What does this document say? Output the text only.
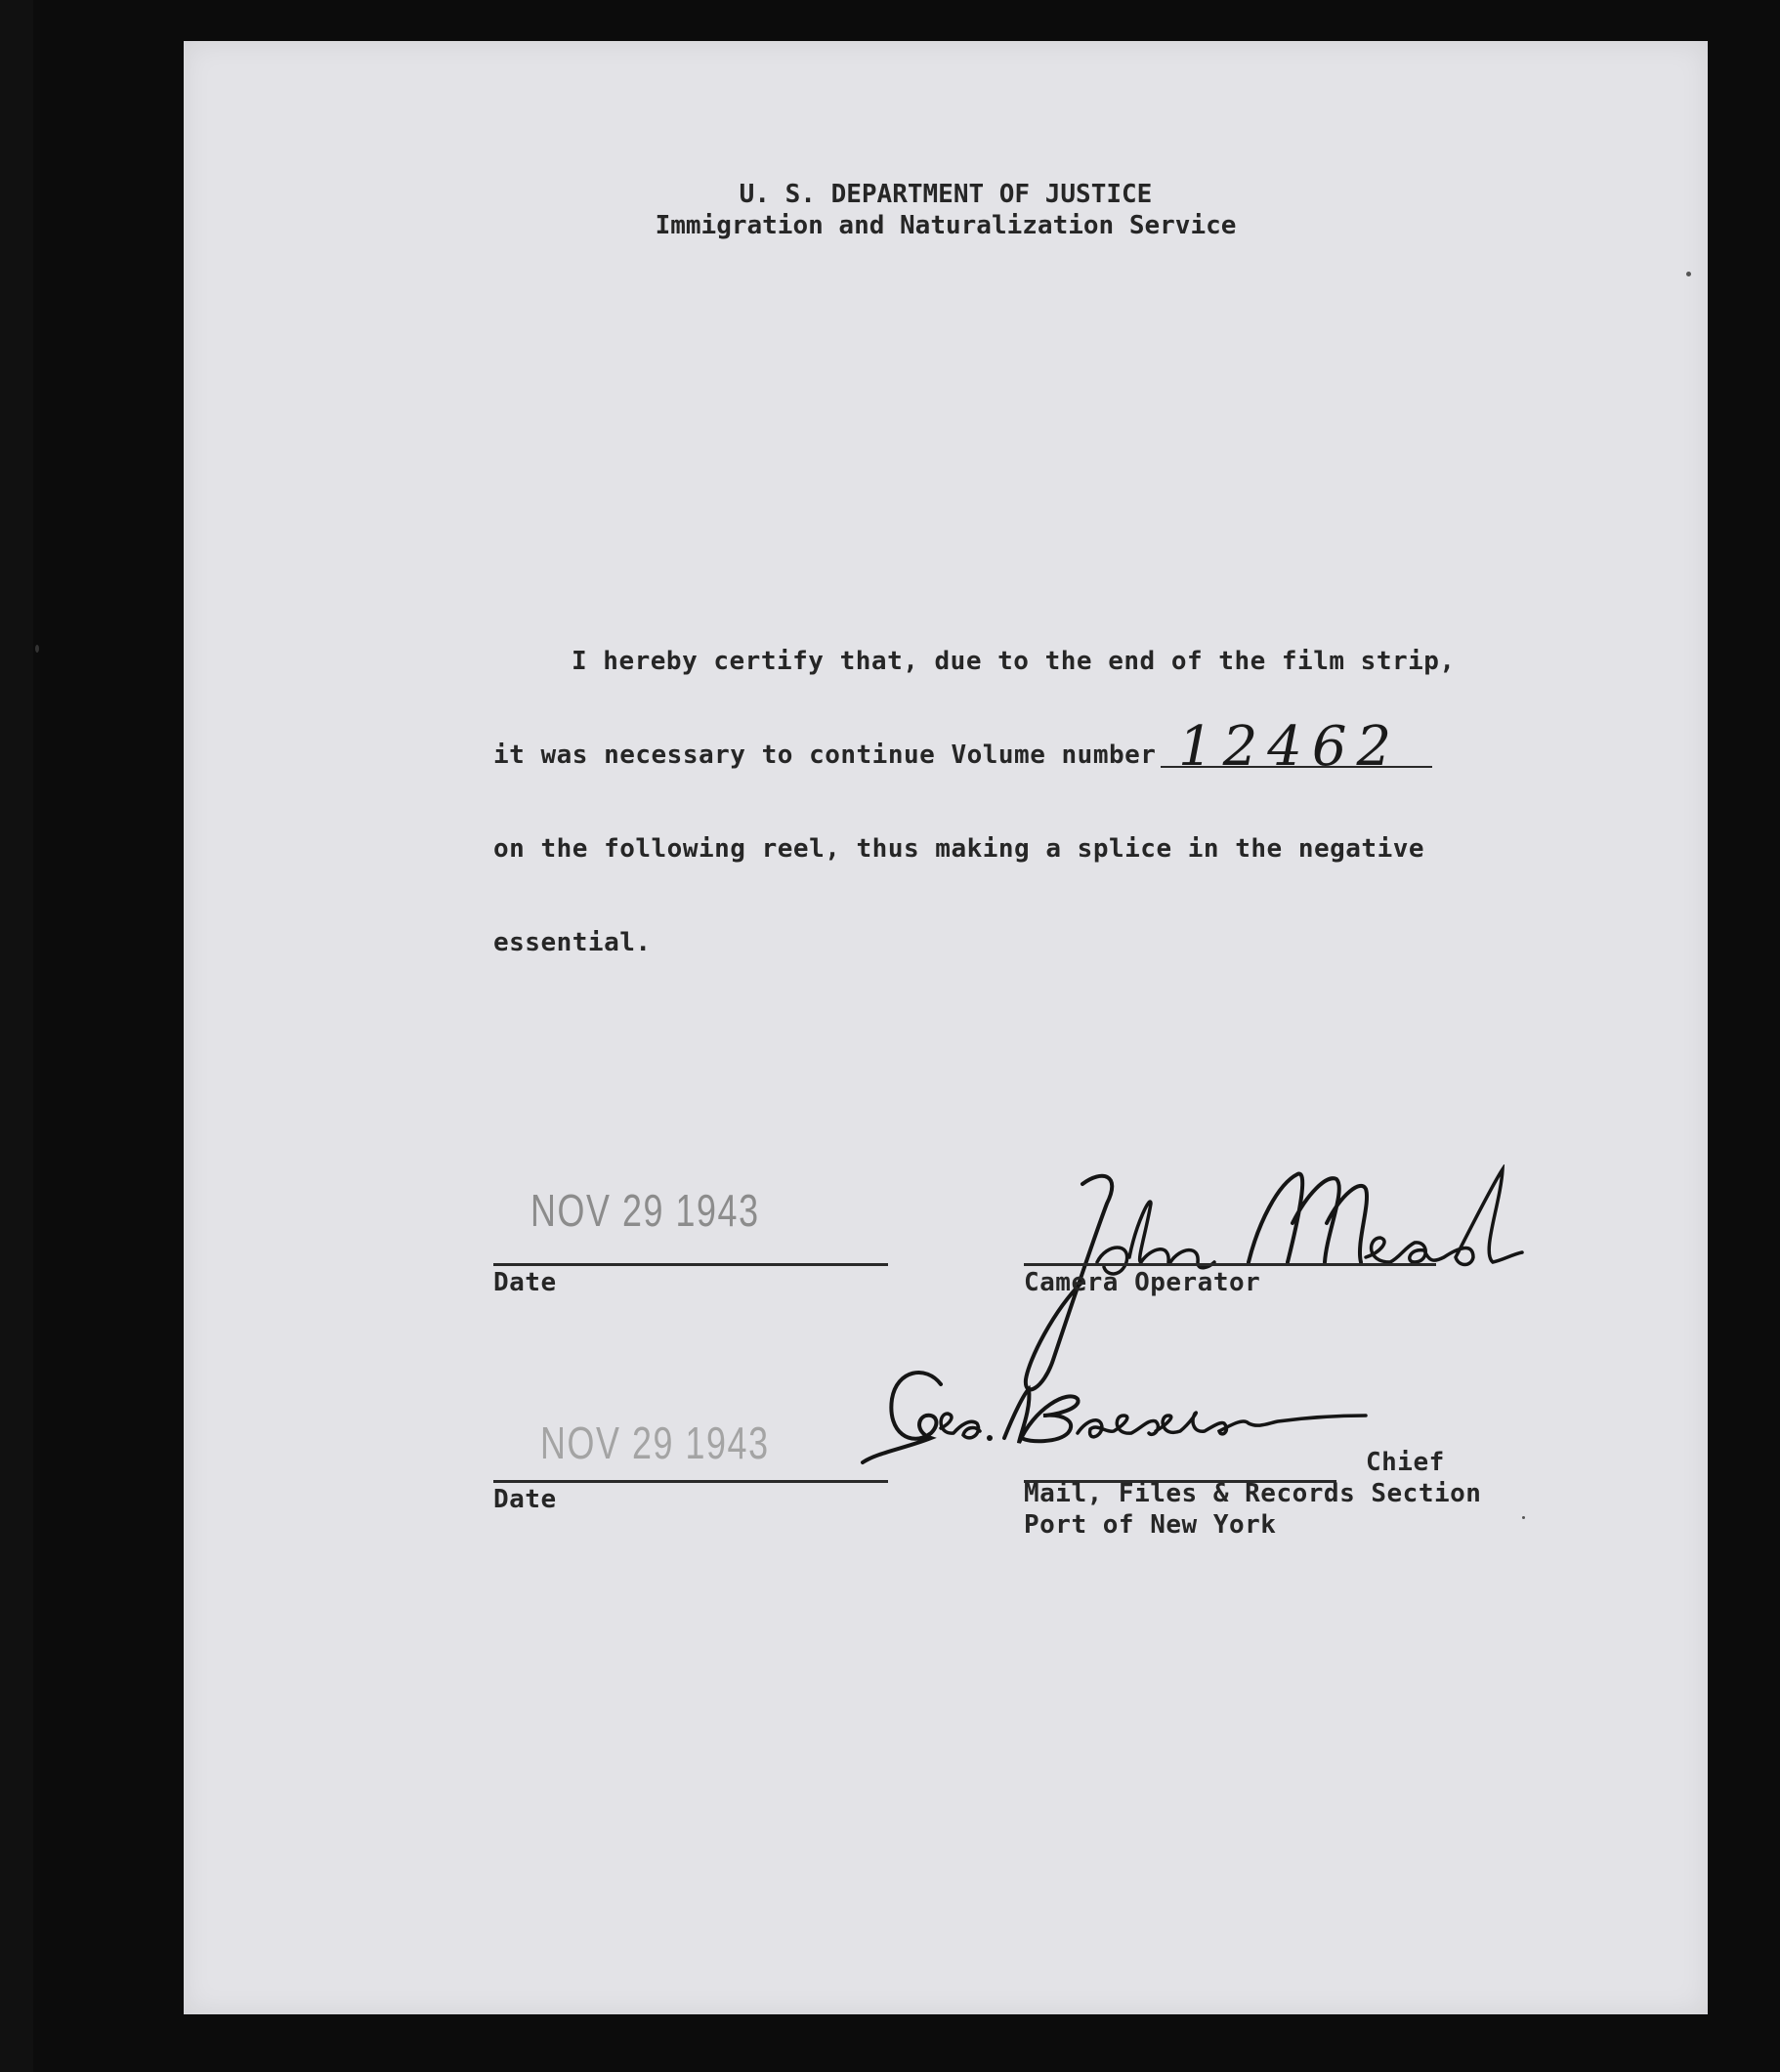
U. S. DEPARTMENT OF JUSTICE
Immigration and Naturalization Service
I hereby certify that, due to the end of the film strip,
it was necessary to continue Volume number 12462
on the following reel, thus making a splice in the negative
essential.
NOV 29 1943
Date	Camera Operator
NOV 29 1943
Date
Chief
Mail, Files & Records Section
Port of New York
